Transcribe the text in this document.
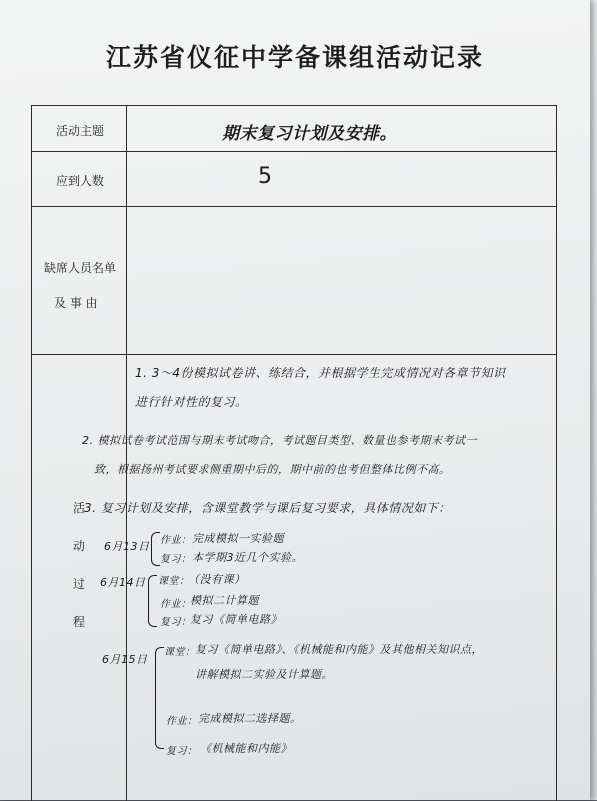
江苏省仪征中学备课组活动记录
活动主题	期末复习计划及安排。
应到人数	5
缺席人员名单
及 事 由
活
动
过
程
1. 3～4份模拟试卷讲、练结合，并根据学生完成情况对各章节知识
进行针对性的复习。
2. 模拟试卷考试范围与期末考试吻合，考试题目类型、数量也参考期末考试一
致，根据扬州考试要求侧重期中后的，期中前的也考但整体比例不高。
3. 复习计划及安排，含课堂教学与课后复习要求，具体情况如下：
6月13日 作业： 完成模拟一实验题
复习： 本学期3近几个实验。
6月14日 课堂：
（没有课）
作业：
模拟二计算题
复习：
复习《简单电路》
6月15日
课堂： 复习《简单电路》、《机械能和内能》及其他相关知识点，
讲解模拟二实验及计算题。
作业： 完成模拟二选择题。
复习： 《机械能和内能》
